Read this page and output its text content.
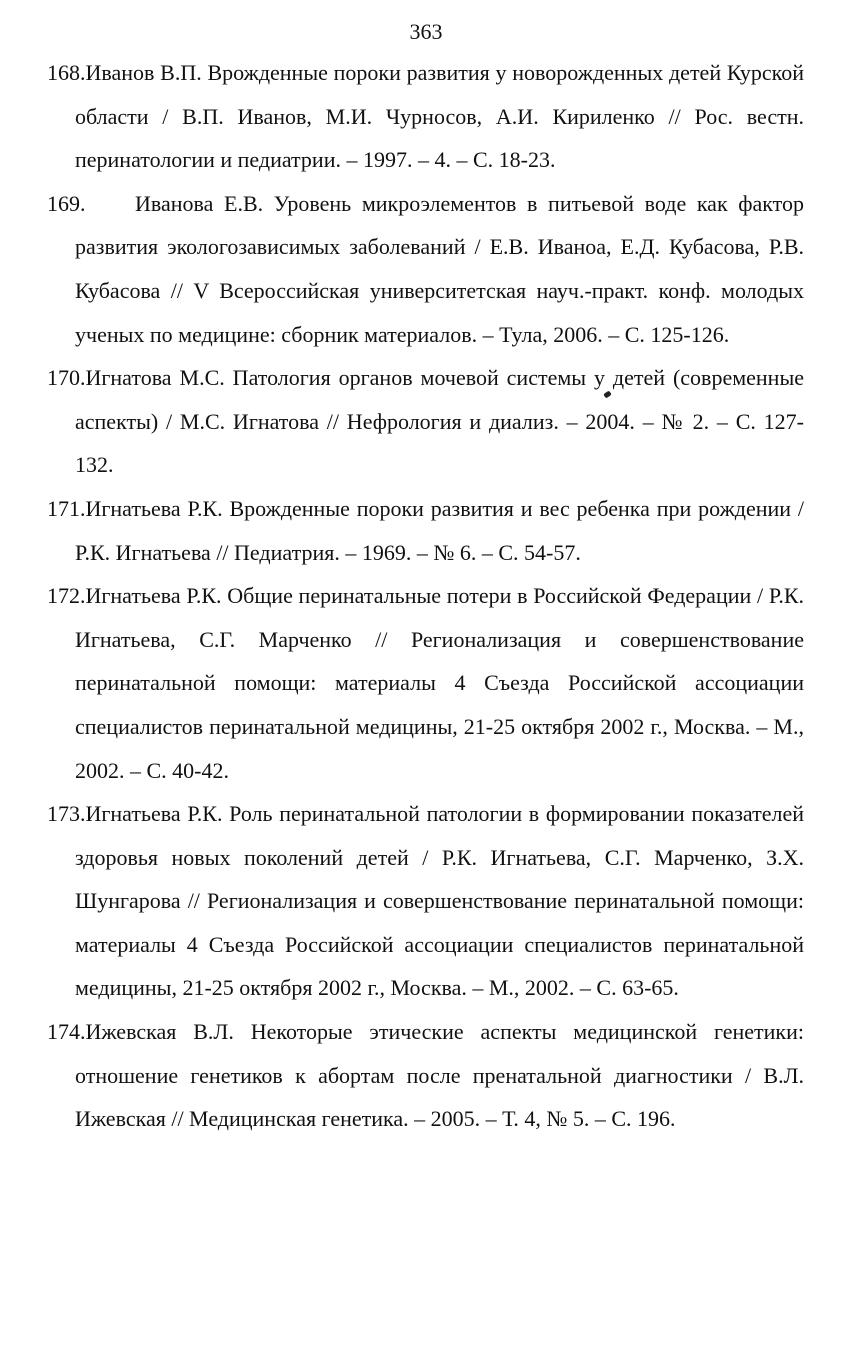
363

168.Иванов В.П. Врожденные пороки развития у новорожденных детей Курской области / В.П. Иванов, М.И. Чурносов, А.И. Кириленко // Рос. вестн. перинатологии и педиатрии. – 1997. – 4. – С. 18-23.

169. Иванова Е.В. Уровень микроэлементов в питьевой воде как фактор развития экологозависимых заболеваний / Е.В. Иваноа, Е.Д. Кубасова, Р.В. Кубасова // V Всероссийская университетская науч.-практ. конф. молодых ученых по медицине: сборник материалов. – Тула, 2006. – С. 125-126.

170.Игнатова М.С. Патология органов мочевой системы у детей (современные аспекты) / М.С. Игнатова // Нефрология и диализ. – 2004. – № 2. – С. 127-132.

171.Игнатьева Р.К. Врожденные пороки развития и вес ребенка при рождении / Р.К. Игнатьева // Педиатрия. – 1969. – № 6. – С. 54-57.

172.Игнатьева Р.К. Общие перинатальные потери в Российской Федерации / Р.К. Игнатьева, С.Г. Марченко // Регионализация и совершенствование перинатальной помощи: материалы 4 Съезда Российской ассоциации специалистов перинатальной медицины, 21-25 октября 2002 г., Москва. – М., 2002. – С. 40-42.

173.Игнатьева Р.К. Роль перинатальной патологии в формировании показателей здоровья новых поколений детей / Р.К. Игнатьева, С.Г. Марченко, З.Х. Шунгарова // Регионализация и совершенствование перинатальной помощи: материалы 4 Съезда Российской ассоциации специалистов перинатальной медицины, 21-25 октября 2002 г., Москва. – М., 2002. – С. 63-65.

174.Ижевская В.Л. Некоторые этические аспекты медицинской генетики: отношение генетиков к абортам после пренатальной диагностики / В.Л. Ижевская // Медицинская генетика. – 2005. – Т. 4, № 5. – С. 196.
